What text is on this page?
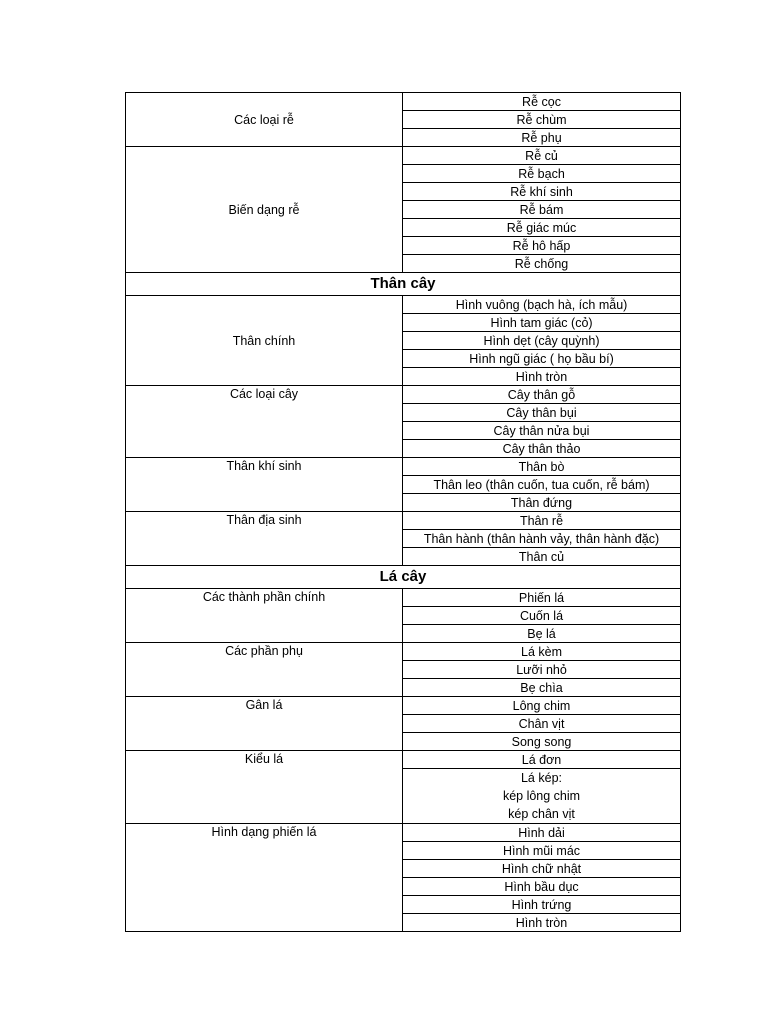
Các loại rễ	Rễ cọc
	Rễ chùm
	Rễ phụ
Biến dạng rễ	Rễ củ
	Rễ bạch
	Rễ khí sinh
	Rễ bám
	Rễ giác múc
	Rễ hô hấp
	Rễ chống
Thân cây	
Thân chính	Hình vuông (bạch hà, ích mẫu)
	Hình tam giác (cỏ)
	Hình dẹt (cây quỳnh)
	Hình ngũ giác ( họ bầu bí)
	Hình tròn
Các loại cây	Cây thân gỗ
	Cây thân bụi
	Cây thân nửa bụi
	Cây thân thảo
Thân khí sinh	Thân bò
	Thân leo (thân cuốn, tua cuốn, rễ bám)
	Thân đứng
Thân địa sinh	Thân rễ
	Thân hành (thân hành vảy, thân hành đặc)
	Thân củ
Lá cây	
Các thành phần chính	Phiến lá
	Cuốn lá
	Bẹ lá
Các phần phụ	Lá kèm
	Lưỡi nhỏ
	Bẹ chìa
Gân lá	Lông chim
	Chân vịt
	Song song
Kiểu lá	Lá đơn

	Lá kép:
kép lông chim
kép chân vịt

Hình dạng phiến lá	Hình dải
	Hình mũi mác
	Hình chữ nhật
	Hình bầu dục
	Hình trứng
	Hình tròn
